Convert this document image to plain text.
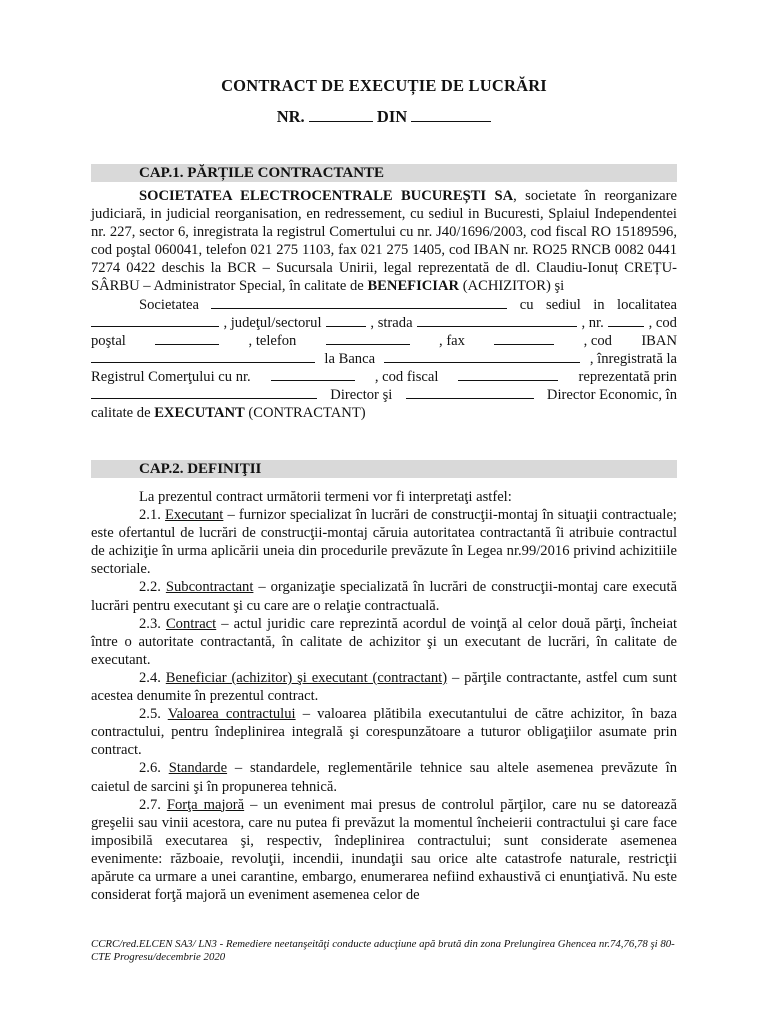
CONTRACT DE EXECUȚIE DE LUCRĂRI
NR.	DIN
CAP.1. PĂRȚILE CONTRACTANTE

SOCIETATEA ELECTROCENTRALE BUCUREȘTI SA, societate în reorganizare judiciară, in judicial reorganisation, en redressement, cu sediul in Bucuresti, Splaiul Independentei nr. 227, sector 6, inregistrata la registrul Comertului cu nr. J40/1696/2003, cod fiscal RO 15189596, cod poştal 060041, telefon 021 275 1103, fax 021 275 1405, cod IBAN nr. RO25 RNCB 0082 0441 7274 0422 deschis la BCR – Sucursala Unirii, legal reprezentată de dl. Claudiu-Ionuț CREȚU-SÂRBU – Administrator Special, în calitate de BENEFICIAR (ACHIZITOR) şi

Societatea	cu sediul in localitatea
, judeţul/sectorul	, strada	, nr.	, cod
poştal	, telefon	, fax	, cod IBAN
la Banca	, înregistrată la
Registrul Comerţului cu nr.	, cod fiscal	reprezentată prin
Director şi	Director Economic, în
calitate de EXECUTANT (CONTRACTANT)
CAP.2. DEFINIŢII

La prezentul contract următorii termeni vor fi interpretaţi astfel:

2.1. Executant – furnizor specializat în lucrări de construcţii-montaj în situaţii contractuale; este ofertantul de lucrări de construcţii-montaj căruia autoritatea contractantă îi atribuie contractul de achiziţie în urma aplicării uneia din procedurile prevăzute în Legea nr.99/2016 privind achizitiile sectoriale.

2.2. Subcontractant – organizaţie specializată în lucrări de construcţii-montaj care execută lucrări pentru executant şi cu care are o relaţie contractuală.

2.3. Contract – actul juridic care reprezintă acordul de voinţă al celor două părţi, încheiat între o autoritate contractantă, în calitate de achizitor şi un executant de lucrări, în calitate de executant.

2.4. Beneficiar (achizitor) şi executant (contractant) – părţile contractante, astfel cum sunt acestea denumite în prezentul contract.

2.5. Valoarea contractului – valoarea plătibila executantului de către achizitor, în baza contractului, pentru îndeplinirea integrală şi corespunzătoare a tuturor obligaţiilor asumate prin contract.

2.6. Standarde – standardele, reglementările tehnice sau altele asemenea prevăzute în caietul de sarcini şi în propunerea tehnică.

2.7. Forţa majoră – un eveniment mai presus de controlul părţilor, care nu se datorează greşelii sau vinii acestora, care nu putea fi prevăzut la momentul încheierii contractului şi care face imposibilă executarea şi, respectiv, îndeplinirea contractului; sunt considerate asemenea evenimente: războaie, revoluţii, incendii, inundaţii sau orice alte catastrofe naturale, restricţii apărute ca urmare a unei carantine, embargo, enumerarea nefiind exhaustivă ci enunţiativă. Nu este considerat forţă majoră un eveniment asemenea celor de

CCRC/red.ELCEN SA3/ LN3 - Remediere neetanşeităţi conducte aducţiune apă brută din zona Prelungirea Ghencea nr.74,76,78 şi 80- CTE Progresu/decembrie 2020
